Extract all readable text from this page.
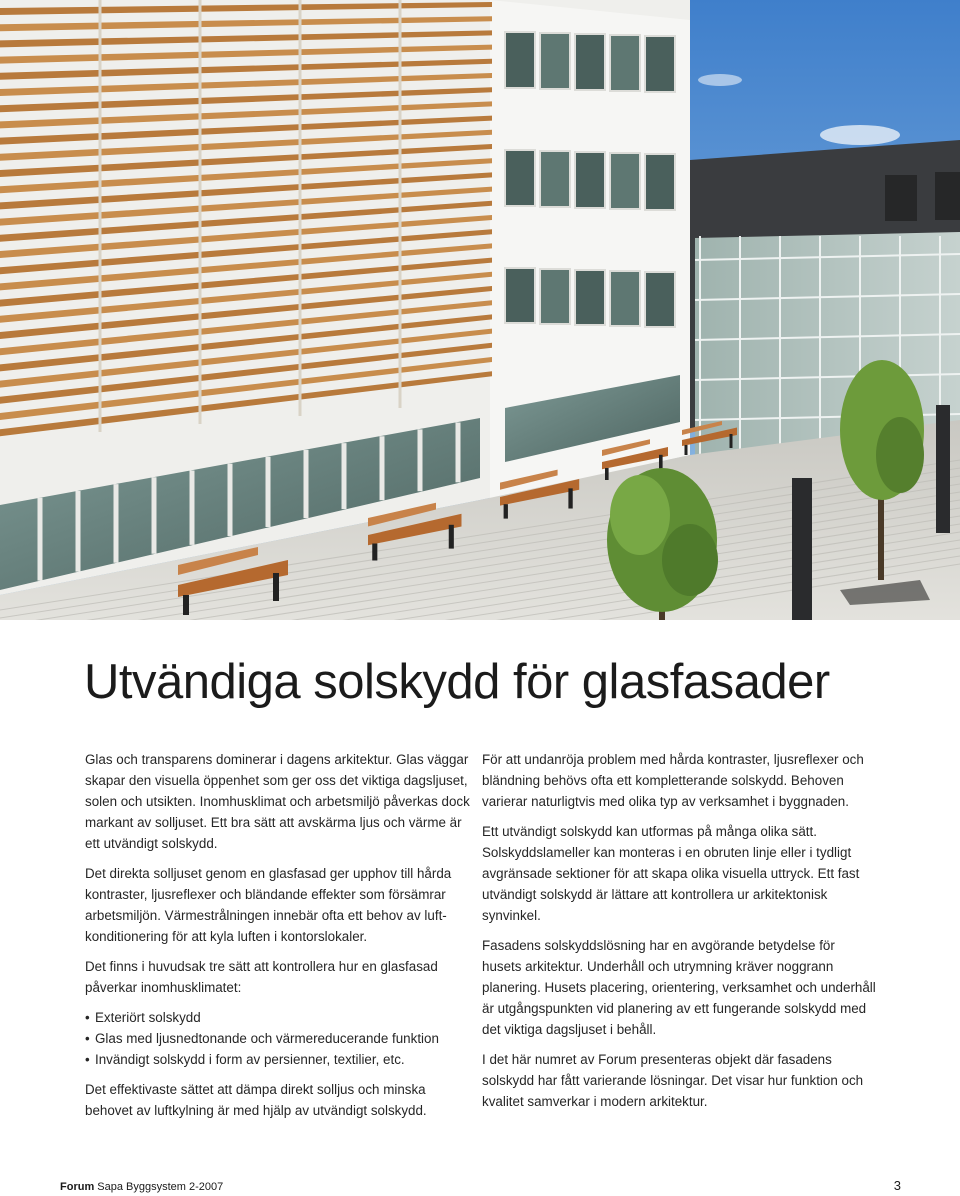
Utvändiga solskydd för glasfasader

Glas och transparens dominerar i dagens arkitektur. Glas väggar skapar den visuella öppenhet som ger oss det viktiga dagsljuset, solen och utsikten. Inomhusklimat och arbetsmiljö påverkas dock markant av solljuset. Ett bra sätt att avskärma ljus och värme är ett utvändigt solskydd.

Det direkta solljuset genom en glasfasad ger upphov till hårda kontraster, ljusreflexer och bländande effekter som försämrar arbetsmiljön. Värmestrålningen innebär ofta ett behov av luft-konditionering för att kyla luften i kontorslokaler.

Det finns i huvudsak tre sätt att kontrollera hur en glasfasad påverkar inomhusklimatet:

• Exteriört solskydd
• Glas med ljusnedtonande och värmereducerande funktion
• Invändigt solskydd i form av persienner, textilier, etc.

Det effektivaste sättet att dämpa direkt solljus och minska behovet av luftkylning är med hjälp av utvändigt solskydd.

För att undanröja problem med hårda kontraster, ljusreflexer och bländning behövs ofta ett kompletterande solskydd. Behoven varierar naturligtvis med olika typ av verksamhet i byggnaden.

Ett utvändigt solskydd kan utformas på många olika sätt. Solskyddslameller kan monteras i en obruten linje eller i tydligt avgränsade sektioner för att skapa olika visuella uttryck. Ett fast utvändigt solskydd är lättare att kontrollera ur arkitektonisk synvinkel.

Fasadens solskyddslösning har en avgörande betydelse för husets arkitektur. Underhåll och utrymning kräver noggrann planering. Husets placering, orientering, verksamhet och underhåll är utgångspunkten vid planering av ett fungerande solskydd med det viktiga dagsljuset i behåll.

I det här numret av Forum presenteras objekt där fasadens solskydd har fått varierande lösningar. Det visar hur funktion och kvalitet samverkar i modern arkitektur.

Forum Sapa Byggsystem 2-2007	3
